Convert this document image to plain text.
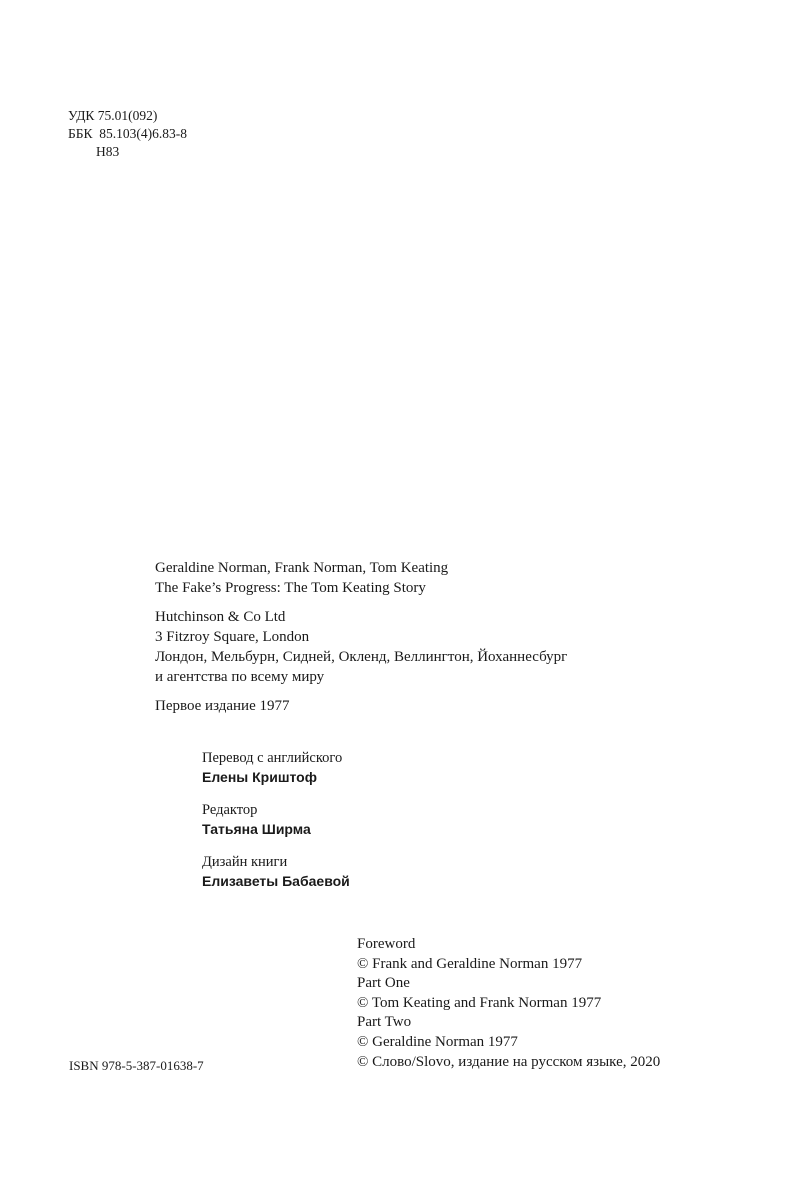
УДК 75.01(092)
ББК  85.103(4)6.83-8
Н83
Geraldine Norman, Frank Norman, Tom Keating
The Fake’s Progress: The Tom Keating Story
Hutchinson & Co Ltd
3 Fitzroy Square, London
Лондон, Мельбурн, Сидней, Окленд, Веллингтон, Йоханнесбург
и агентства по всему миру
Первое издание 1977
Перевод с английского
Елены Криштоф
Редактор
Татьяна Ширма
Дизайн книги
Елизаветы Бабаевой
Foreword
© Frank and Geraldine Norman 1977
Part One
© Tom Keating and Frank Norman 1977
Part Two
© Geraldine Norman 1977
© Слово/Slovo, издание на русском языке, 2020
ISBN 978-5-387-01638-7
